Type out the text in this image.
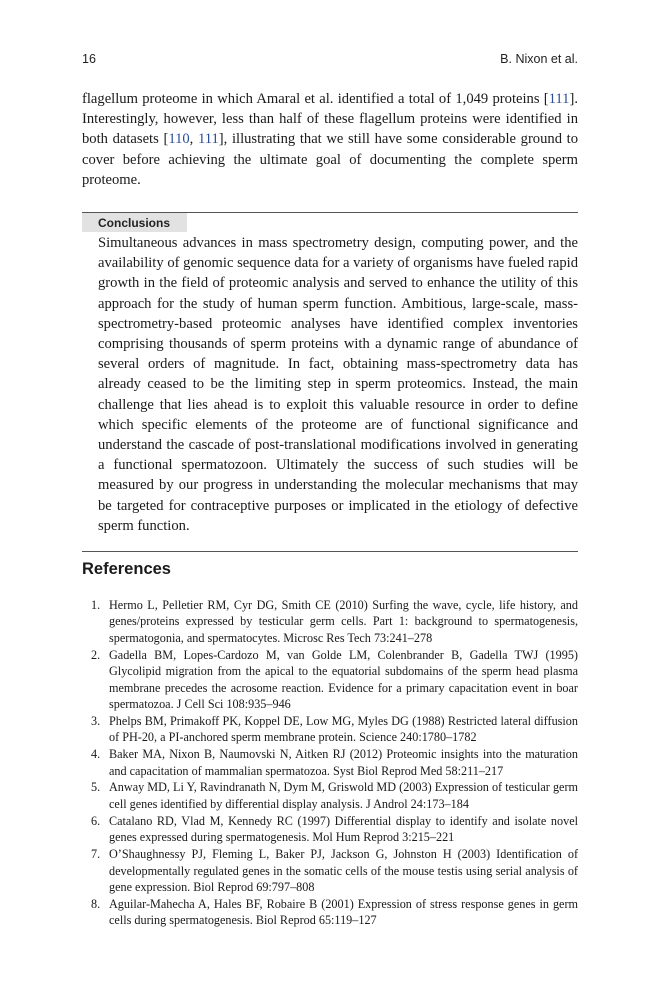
16	B. Nixon et al.

flagellum proteome in which Amaral et al. identified a total of 1,049 proteins [111]. Interestingly, however, less than half of these flagellum proteins were identified in both datasets [110, 111], illustrating that we still have some considerable ground to cover before achieving the ultimate goal of documenting the complete sperm proteome.

Conclusions

Simultaneous advances in mass spectrometry design, computing power, and the availability of genomic sequence data for a variety of organisms have fueled rapid growth in the field of proteomic analysis and served to enhance the utility of this approach for the study of human sperm function. Ambitious, large-scale, mass-spectrometry-based proteomic analyses have identified complex inventories comprising thousands of sperm proteins with a dynamic range of abundance of several orders of magnitude. In fact, obtaining mass-spectrometry data has already ceased to be the limiting step in sperm proteomics. Instead, the main challenge that lies ahead is to exploit this valuable resource in order to define which specific elements of the proteome are of functional significance and understand the cascade of post-translational modifications involved in generating a functional spermatozoon. Ultimately the success of such studies will be measured by our progress in understanding the molecular mechanisms that may be targeted for contraceptive purposes or implicated in the etiology of defective sperm function.

References
1. Hermo L, Pelletier RM, Cyr DG, Smith CE (2010) Surfing the wave, cycle, life history, and genes/proteins expressed by testicular germ cells. Part 1: background to spermatogenesis, spermatogonia, and spermatocytes. Microsc Res Tech 73:241–278
2. Gadella BM, Lopes-Cardozo M, van Golde LM, Colenbrander B, Gadella TWJ (1995) Glycolipid migration from the apical to the equatorial subdomains of the sperm head plasma membrane precedes the acrosome reaction. Evidence for a primary capacitation event in boar spermatozoa. J Cell Sci 108:935–946
3. Phelps BM, Primakoff PK, Koppel DE, Low MG, Myles DG (1988) Restricted lateral diffusion of PH-20, a PI-anchored sperm membrane protein. Science 240:1780–1782
4. Baker MA, Nixon B, Naumovski N, Aitken RJ (2012) Proteomic insights into the maturation and capacitation of mammalian spermatozoa. Syst Biol Reprod Med 58:211–217
5. Anway MD, Li Y, Ravindranath N, Dym M, Griswold MD (2003) Expression of testicular germ cell genes identified by differential display analysis. J Androl 24:173–184
6. Catalano RD, Vlad M, Kennedy RC (1997) Differential display to identify and isolate novel genes expressed during spermatogenesis. Mol Hum Reprod 3:215–221
7. O’Shaughnessy PJ, Fleming L, Baker PJ, Jackson G, Johnston H (2003) Identification of developmentally regulated genes in the somatic cells of the mouse testis using serial analysis of gene expression. Biol Reprod 69:797–808
8. Aguilar-Mahecha A, Hales BF, Robaire B (2001) Expression of stress response genes in germ cells during spermatogenesis. Biol Reprod 65:119–127
